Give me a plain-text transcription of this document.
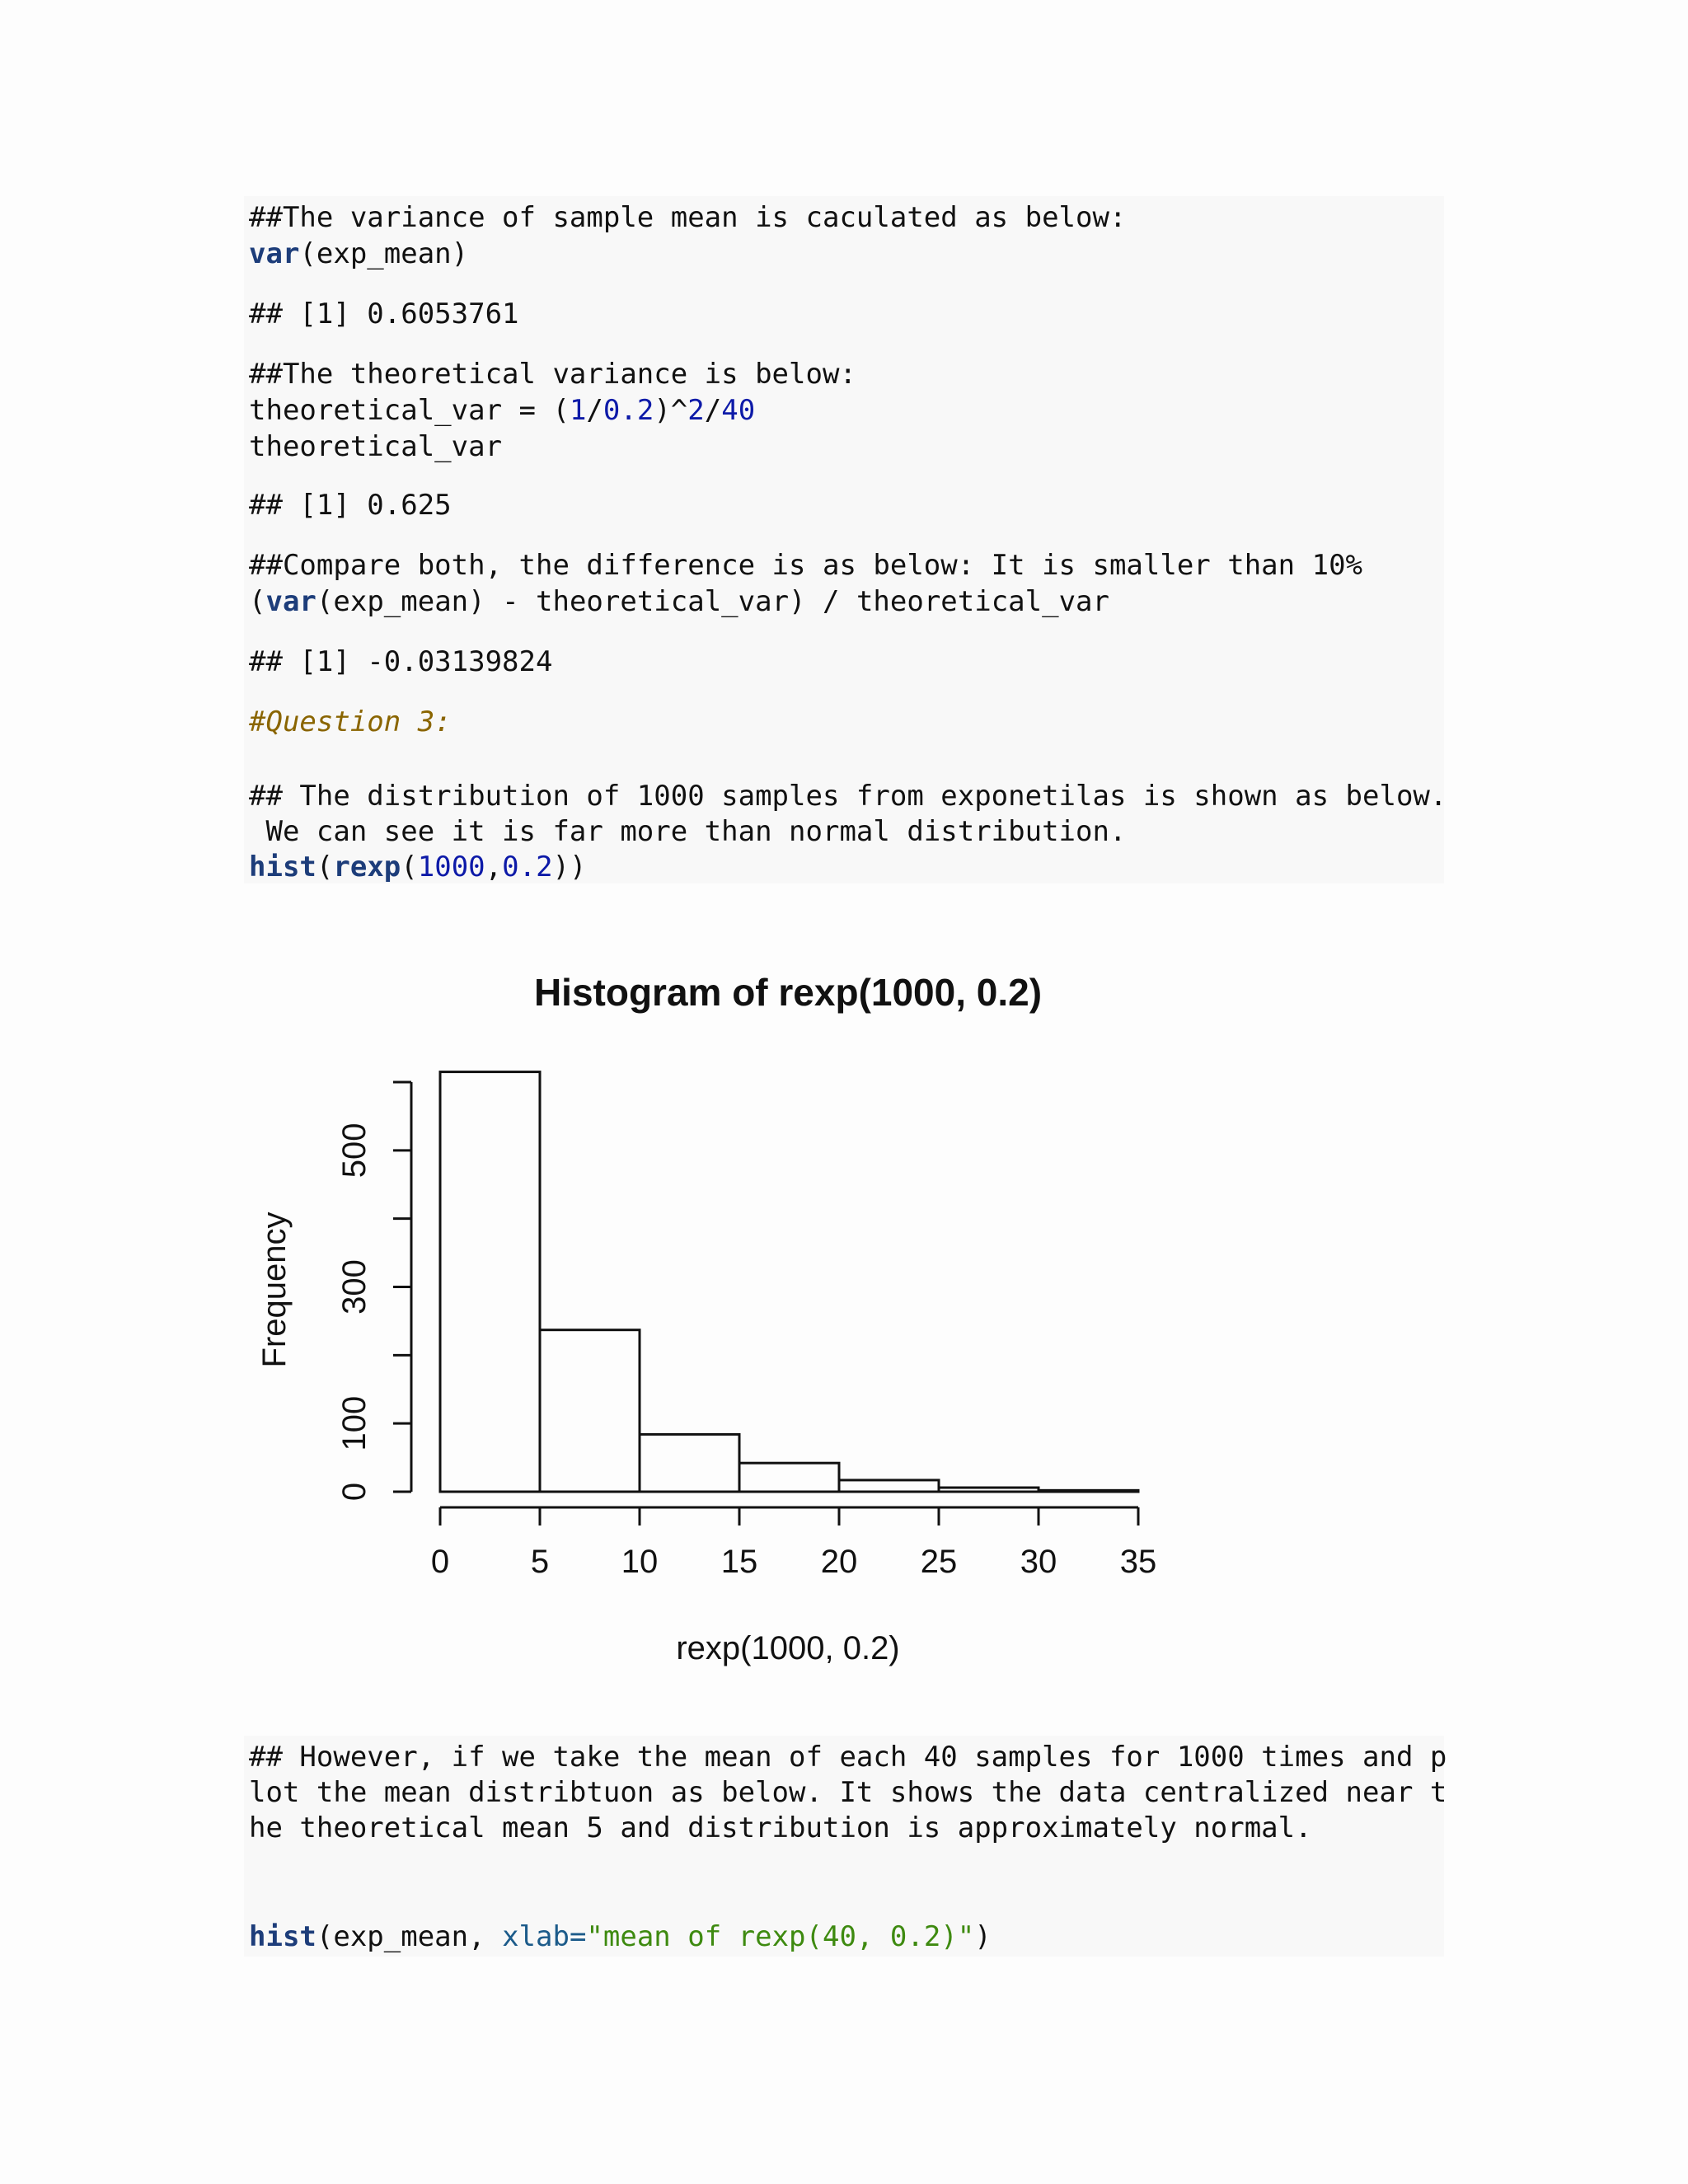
##The variance of sample mean is caculated as below:
var(exp_mean)
## [1] 0.6053761
##The theoretical variance is below:
theoretical_var = (1/0.2)^2/40
theoretical_var
## [1] 0.625
##Compare both, the difference is as below: It is smaller than 10%
(var(exp_mean) - theoretical_var) / theoretical_var
## [1] -0.03139824
#Question 3:
## The distribution of 1000 samples from exponetilas is shown as below.
We can see it is far more than normal distribution.
hist(rexp(1000,0.2))
Histogram of rexp(1000, 0.2)
Frequency
rexp(1000, 0.2)
0
100
300
500
0 5 10 15 20 25 30 35
## However, if we take the mean of each 40 samples for 1000 times and p
lot the mean distribtuon as below. It shows the data centralized near t
he theoretical mean 5 and distribution is approximately normal.
hist(exp_mean, xlab="mean of rexp(40, 0.2)")
